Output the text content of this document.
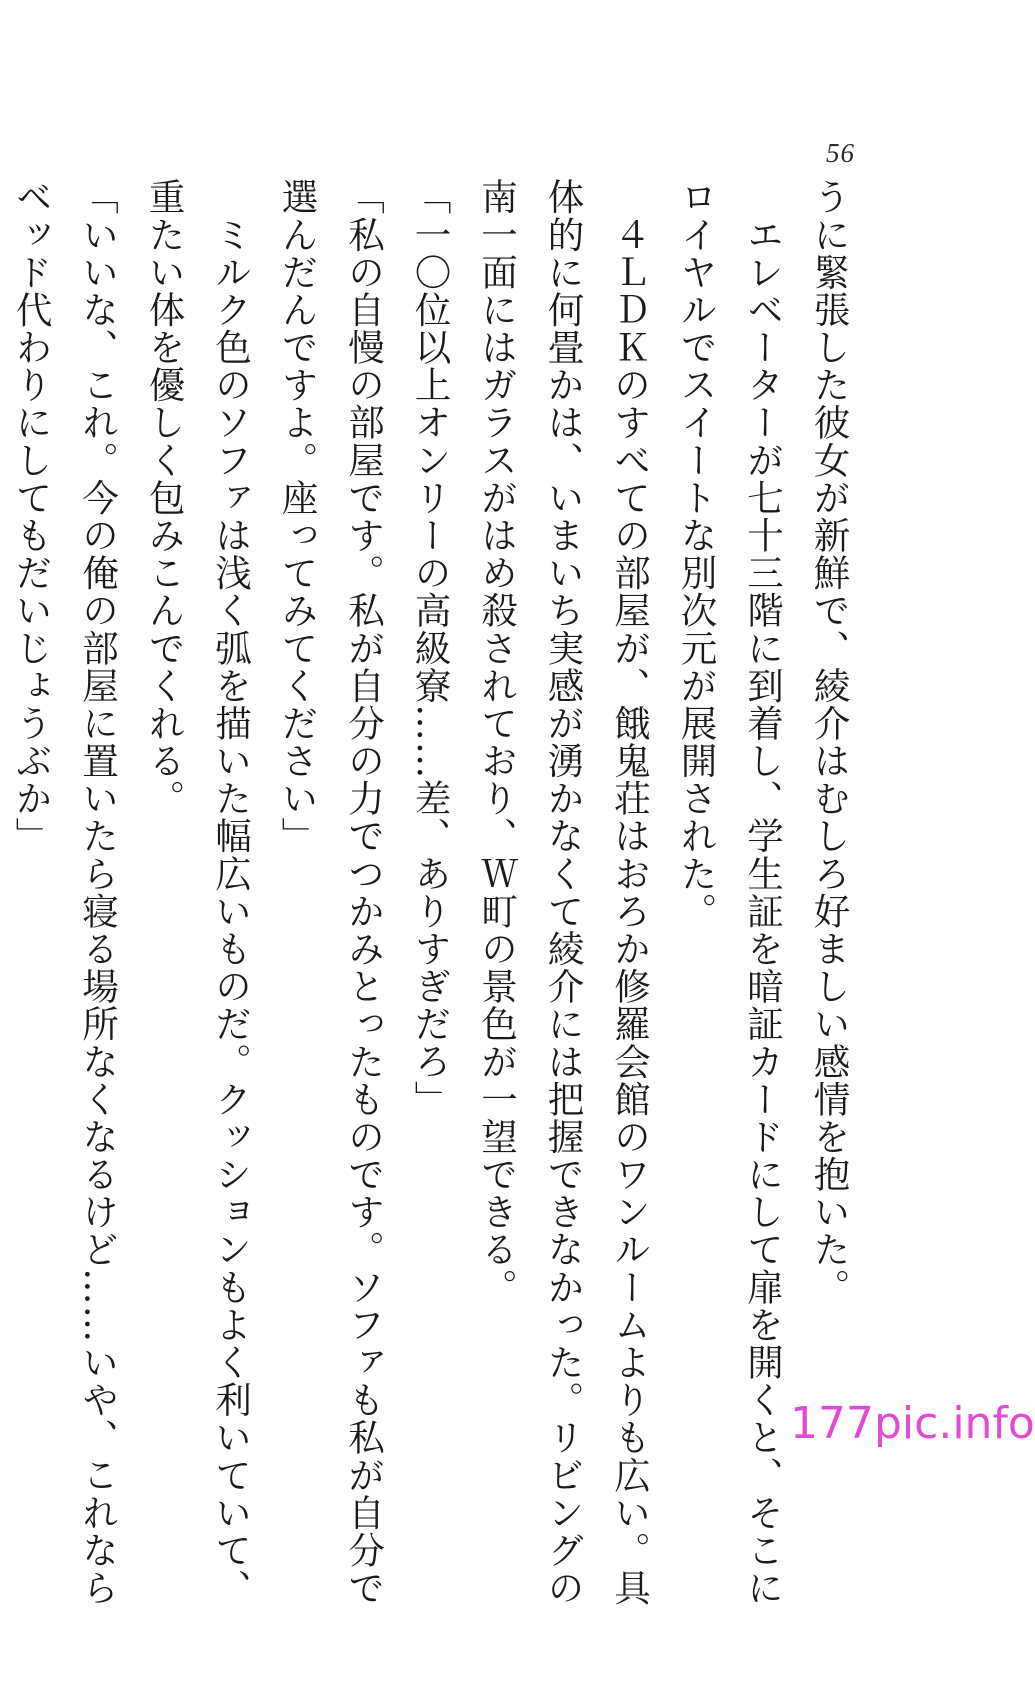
56
うに緊張した彼女が新鮮で、綾介はむしろ好ましい感情を抱いた。
　エレベーターが七十三階に到着し、学生証を暗証カードにして扉を開くと、そこに
ロイヤルでスイートな別次元が展開された。
　４ＬＤＫのすべての部屋が、餓鬼荘はおろか修羅会館のワンルームよりも広い。具
体的に何畳かは、いまいち実感が湧かなくて綾介には把握できなかった。リビングの
南一面にはガラスがはめ殺されており、Ｗ町の景色が一望できる。
「一〇位以上オンリーの高級寮……差、ありすぎだろ」
「私の自慢の部屋です。私が自分の力でつかみとったものです。ソファも私が自分で
選んだんですよ。座ってみてください」
　ミルク色のソファは浅く弧を描いた幅広いものだ。クッションもよく利いていて、
重たい体を優しく包みこんでくれる。
「いいな、これ。今の俺の部屋に置いたら寝る場所なくなるけど……いや、これなら
ベッド代わりにしてもだいじょうぶか」
177pic.info
